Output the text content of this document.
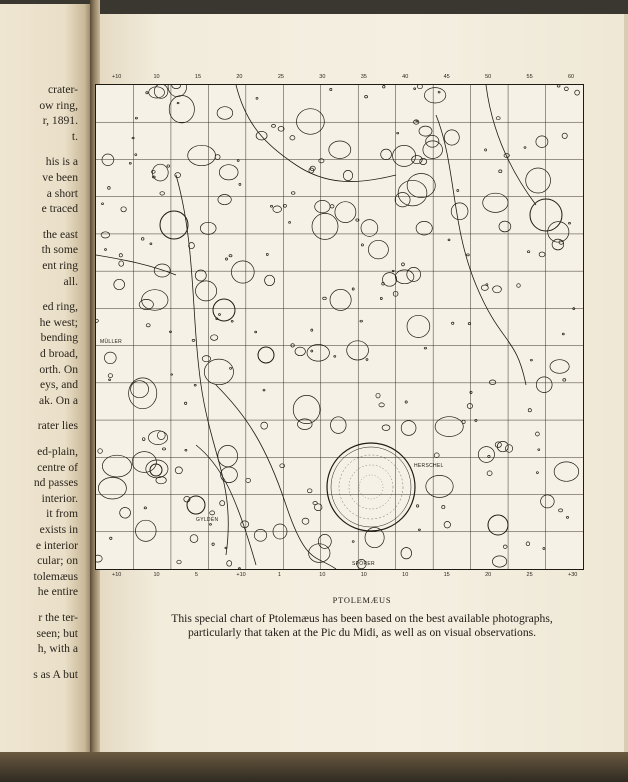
crater-
ow ring,
r, 1891.
t.
his is a
ve been
a short
e traced
the east
th some
ent ring
all.
ed ring,
he west;
bending
d broad,
orth. On
eys, and
ak. On a
rater lies
ed-plain,
centre of
nd passes
interior.
it from
exists in
e interior
cular; on
tolemæus
he entire
r the ter-
seen; but
h, with a
s as A but
+10	10	15	20	25	30	35	40	45	50	55	60
+10	10	5	+10	1	10	10	10	15	20	25	+30
HERSCHEL
GYLDÉN
SPÖRER
MÜLLER
PTOLEMÆUS
This special chart of Ptolemæus has been based on the best available photographs,
particularly that taken at the Pic du Midi, as well as on visual observations.
